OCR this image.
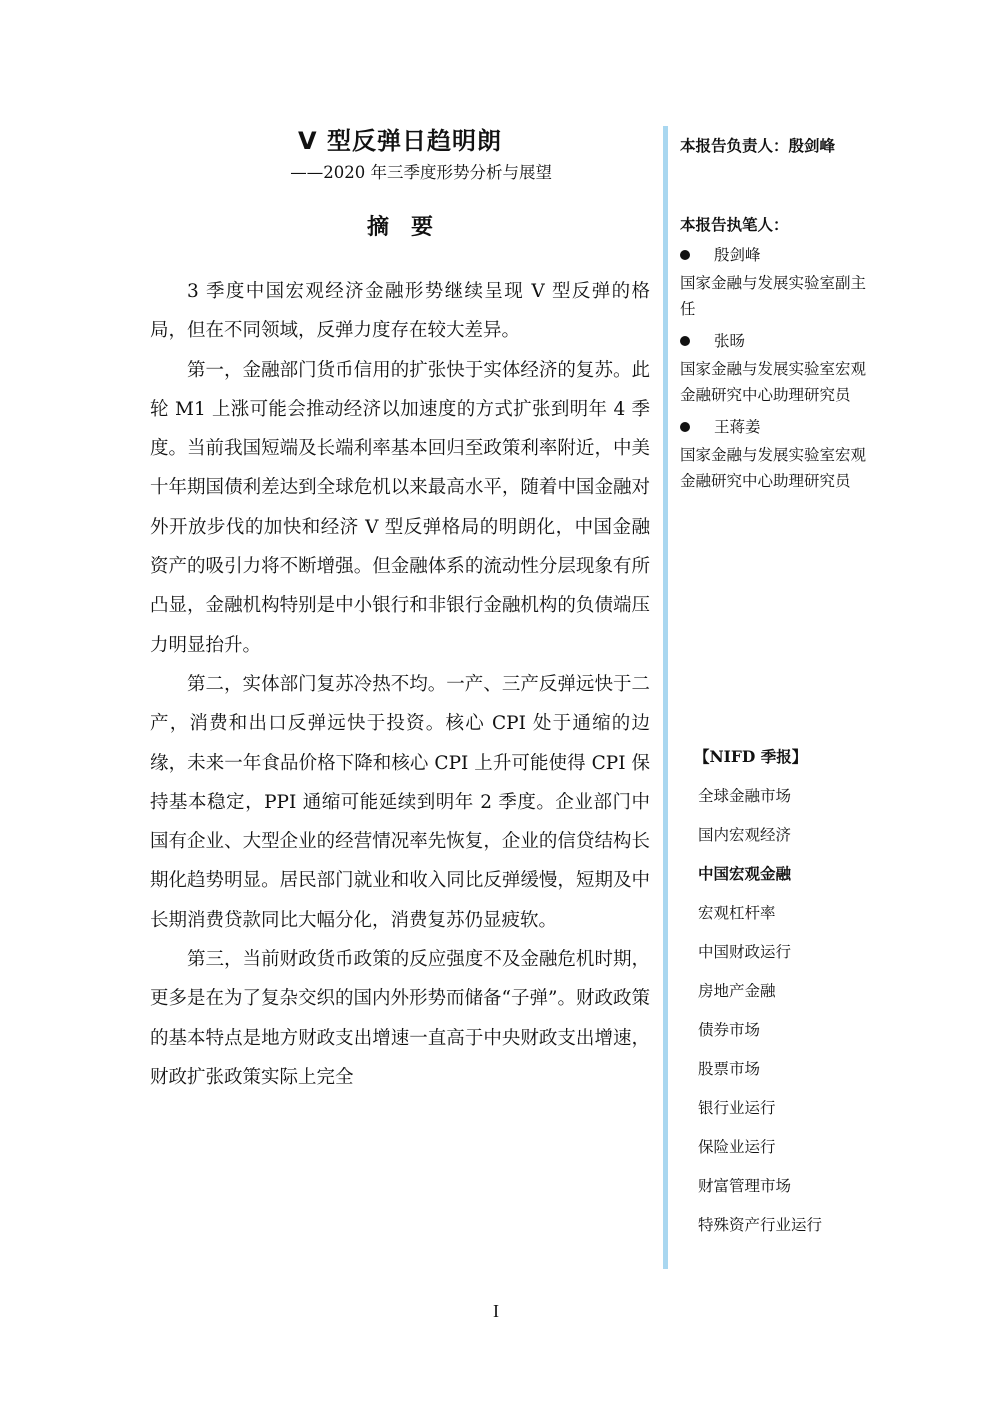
V 型反弹日趋明朗
——2020 年三季度形势分析与展望
摘要

3 季度中国宏观经济金融形势继续呈现 V 型反弹的格局，但在不同领域，反弹力度存在较大差异。

第一，金融部门货币信用的扩张快于实体经济的复苏。此轮 M1 上涨可能会推动经济以加速度的方式扩张到明年 4 季度。当前我国短端及长端利率基本回归至政策利率附近，中美十年期国债利差达到全球危机以来最高水平，随着中国金融对外开放步伐的加快和经济 V 型反弹格局的明朗化，中国金融资产的吸引力将不断增强。但金融体系的流动性分层现象有所凸显，金融机构特别是中小银行和非银行金融机构的负债端压力明显抬升。

第二，实体部门复苏冷热不均。一产、三产反弹远快于二产，消费和出口反弹远快于投资。核心 CPI 处于通缩的边缘，未来一年食品价格下降和核心 CPI 上升可能使得 CPI 保持基本稳定，PPI 通缩可能延续到明年 2 季度。企业部门中国有企业、大型企业的经营情况率先恢复，企业的信贷结构长期化趋势明显。居民部门就业和收入同比反弹缓慢，短期及中长期消费贷款同比大幅分化，消费复苏仍显疲软。

第三，当前财政货币政策的反应强度不及金融危机时期，更多是在为了复杂交织的国内外形势而储备“子弹”。财政政策的基本特点是地方财政支出增速一直高于中央财政支出增速，财政扩张政策实际上完全

本报告负责人：殷剑峰

本报告执笔人：

殷剑峰
国家金融与发展实验室副主任
张旸
国家金融与发展实验室宏观金融研究中心助理研究员
王蒋姜
国家金融与发展实验室宏观金融研究中心助理研究员

【NIFD 季报】

全球金融市场
国内宏观经济
中国宏观金融
宏观杠杆率
中国财政运行
房地产金融
债券市场
股票市场
银行业运行
保险业运行
财富管理市场
特殊资产行业运行
I
